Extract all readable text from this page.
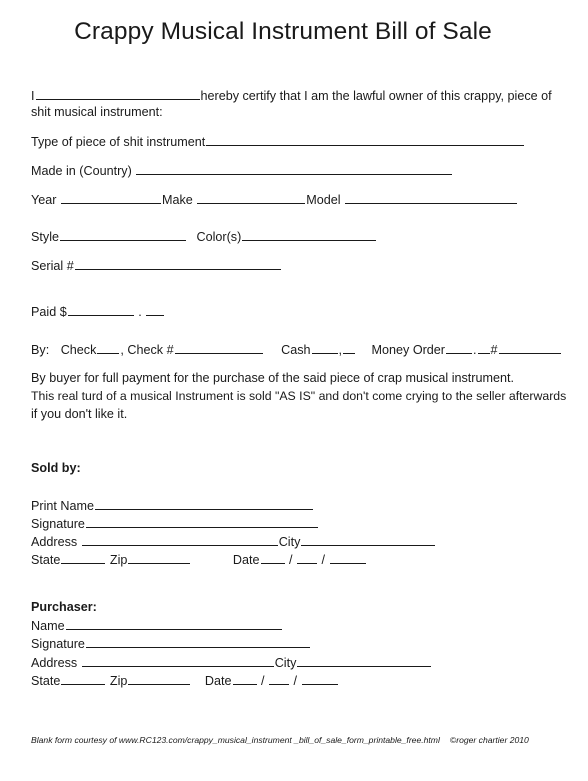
Crappy Musical Instrument Bill of Sale
I	hereby certify that I am the lawful owner of this crappy, piece of
shit musical instrument:
Type of piece of shit instrument
Made in (Country)
Year	Make	Model
Style	Color(s)
Serial #
Paid $	.
By: Check , Check #	Cash , Money Order . #
By buyer for full payment for the purchase of the said piece of crap musical instrument.
This real turd of a musical Instrument is sold "AS IS" and don't come crying to the seller afterwards
if you don't like it.
Sold by:
Print Name
Signature
Address	City
State	Zip	Date / /
Purchaser:
Name
Signature
Address	City
State	Zip	Date / /
Blank form courtesy of www.RC123.com/crappy_musical_instrument _bill_of_sale_form_printable_free.html ©roger chartier 2010
